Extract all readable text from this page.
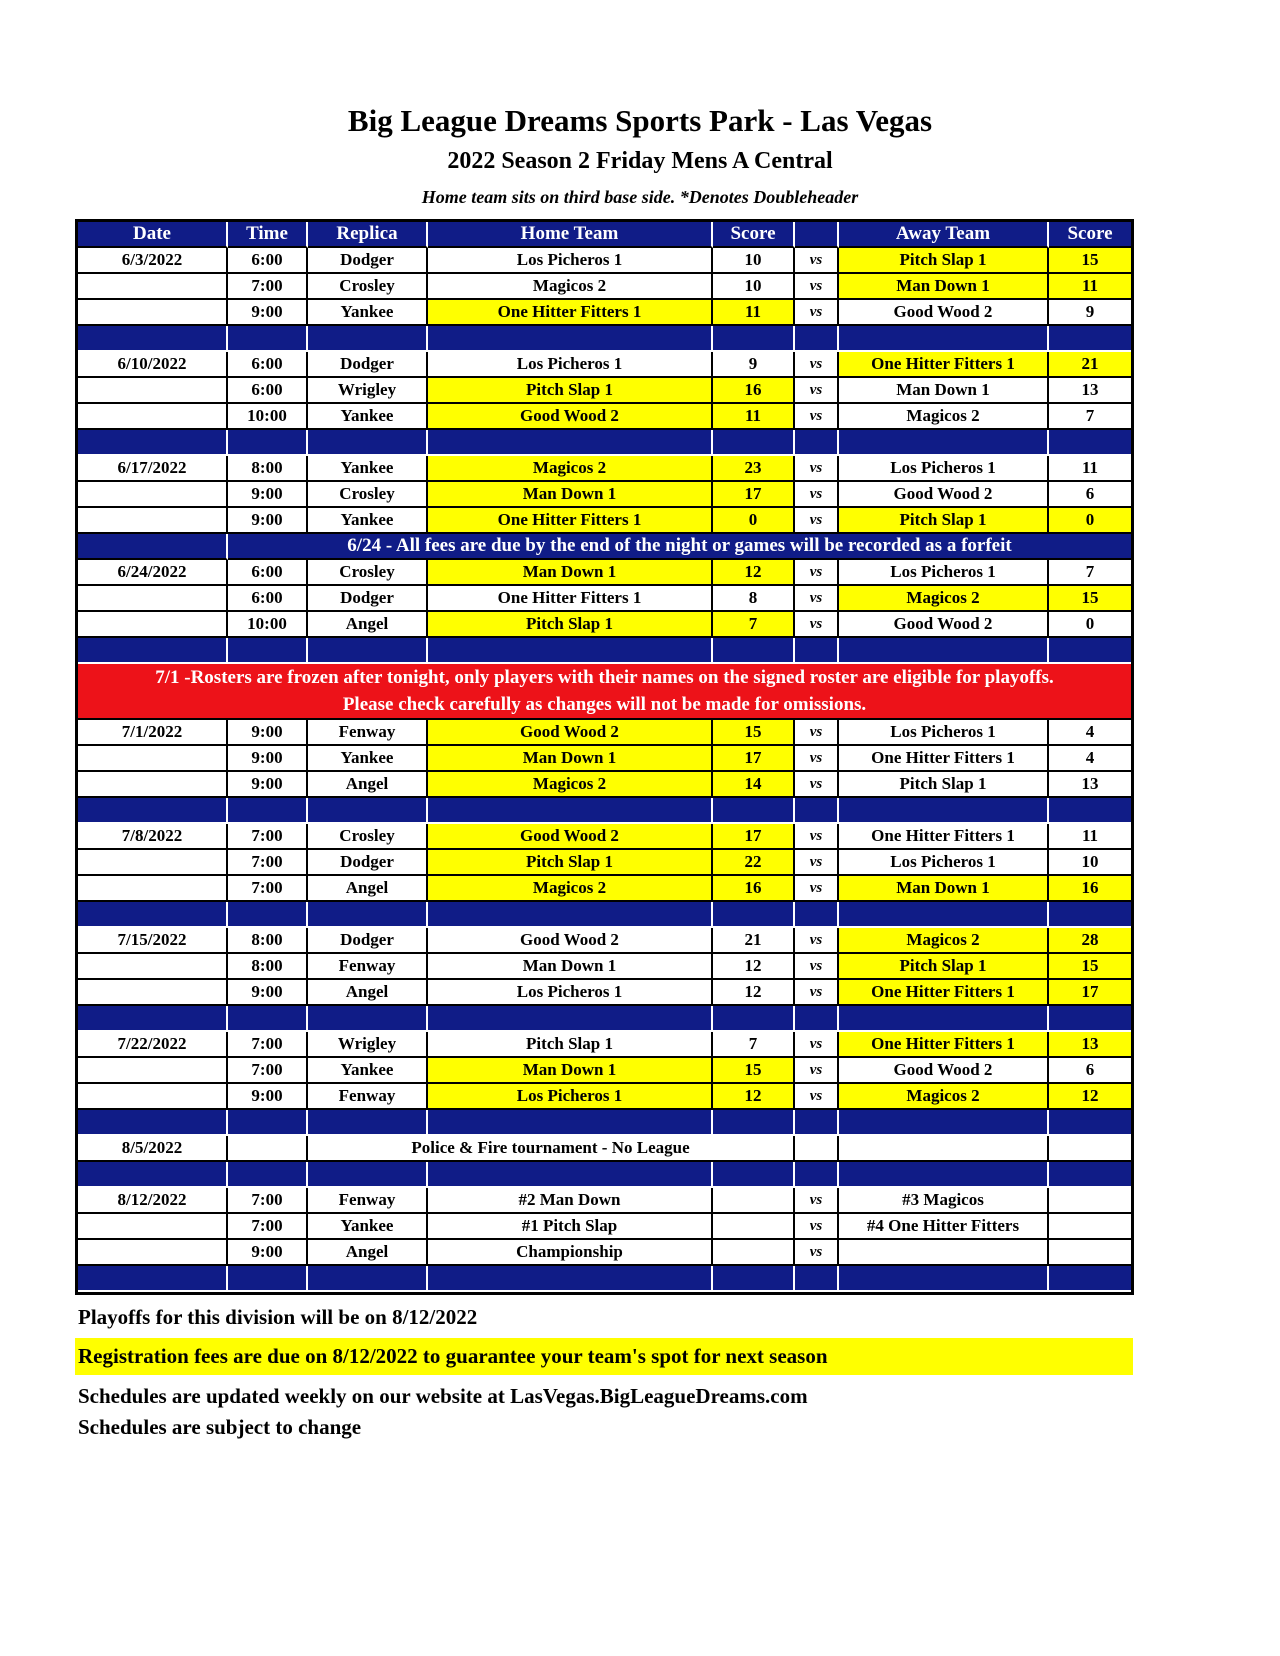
Big League Dreams Sports Park - Las Vegas
2022 Season 2 Friday Mens A Central
Home team sits on third base side. *Denotes Doubleheader
Date	Time	Replica	Home Team	Score		Away Team	Score
6/3/2022	6:00	Dodger	Los Picheros 1	10	vs	Pitch Slap 1	15
	7:00	Crosley	Magicos 2	10	vs	Man Down 1	11
	9:00	Yankee	One Hitter Fitters 1	11	vs	Good Wood 2	9

6/10/2022	6:00	Dodger	Los Picheros 1	9	vs	One Hitter Fitters 1	21
	6:00	Wrigley	Pitch Slap 1	16	vs	Man Down 1	13
	10:00	Yankee	Good Wood 2	11	vs	Magicos 2	7

6/17/2022	8:00	Yankee	Magicos 2	23	vs	Los Picheros 1	11
	9:00	Crosley	Man Down 1	17	vs	Good Wood 2	6
	9:00	Yankee	One Hitter Fitters 1	0	vs	Pitch Slap 1	0
	6/24 - All fees are due by the end of the night or games will be recorded as a forfeit						
6/24/2022	6:00	Crosley	Man Down 1	12	vs	Los Picheros 1	7
	6:00	Dodger	One Hitter Fitters 1	8	vs	Magicos 2	15
	10:00	Angel	Pitch Slap 1	7	vs	Good Wood 2	0

7/1 -Rosters are frozen after tonight, only players with their names on the signed roster are eligible for playoffs.
Please check carefully as changes will not be made for omissions.							

7/1/2022	9:00	Fenway	Good Wood 2	15	vs	Los Picheros 1	4
	9:00	Yankee	Man Down 1	17	vs	One Hitter Fitters 1	4
	9:00	Angel	Magicos 2	14	vs	Pitch Slap 1	13

7/8/2022	7:00	Crosley	Good Wood 2	17	vs	One Hitter Fitters 1	11
	7:00	Dodger	Pitch Slap 1	22	vs	Los Picheros 1	10
	7:00	Angel	Magicos 2	16	vs	Man Down 1	16

7/15/2022	8:00	Dodger	Good Wood 2	21	vs	Magicos 2	28
	8:00	Fenway	Man Down 1	12	vs	Pitch Slap 1	15
	9:00	Angel	Los Picheros 1	12	vs	One Hitter Fitters 1	17

7/22/2022	7:00	Wrigley	Pitch Slap 1	7	vs	One Hitter Fitters 1	13
	7:00	Yankee	Man Down 1	15	vs	Good Wood 2	6
	9:00	Fenway	Los Picheros 1	12	vs	Magicos 2	12

8/5/2022		Police & Fire tournament - No League					

8/12/2022	7:00	Fenway	#2 Man Down		vs	#3 Magicos	
	7:00	Yankee	#1 Pitch Slap		vs	#4 One Hitter Fitters	
	9:00	Angel	Championship		vs		

Playoffs for this division will be on 8/12/2022
Registration fees are due on 8/12/2022 to guarantee your team's spot for next season
Schedules are updated weekly on our website at LasVegas.BigLeagueDreams.com
Schedules are subject to change
